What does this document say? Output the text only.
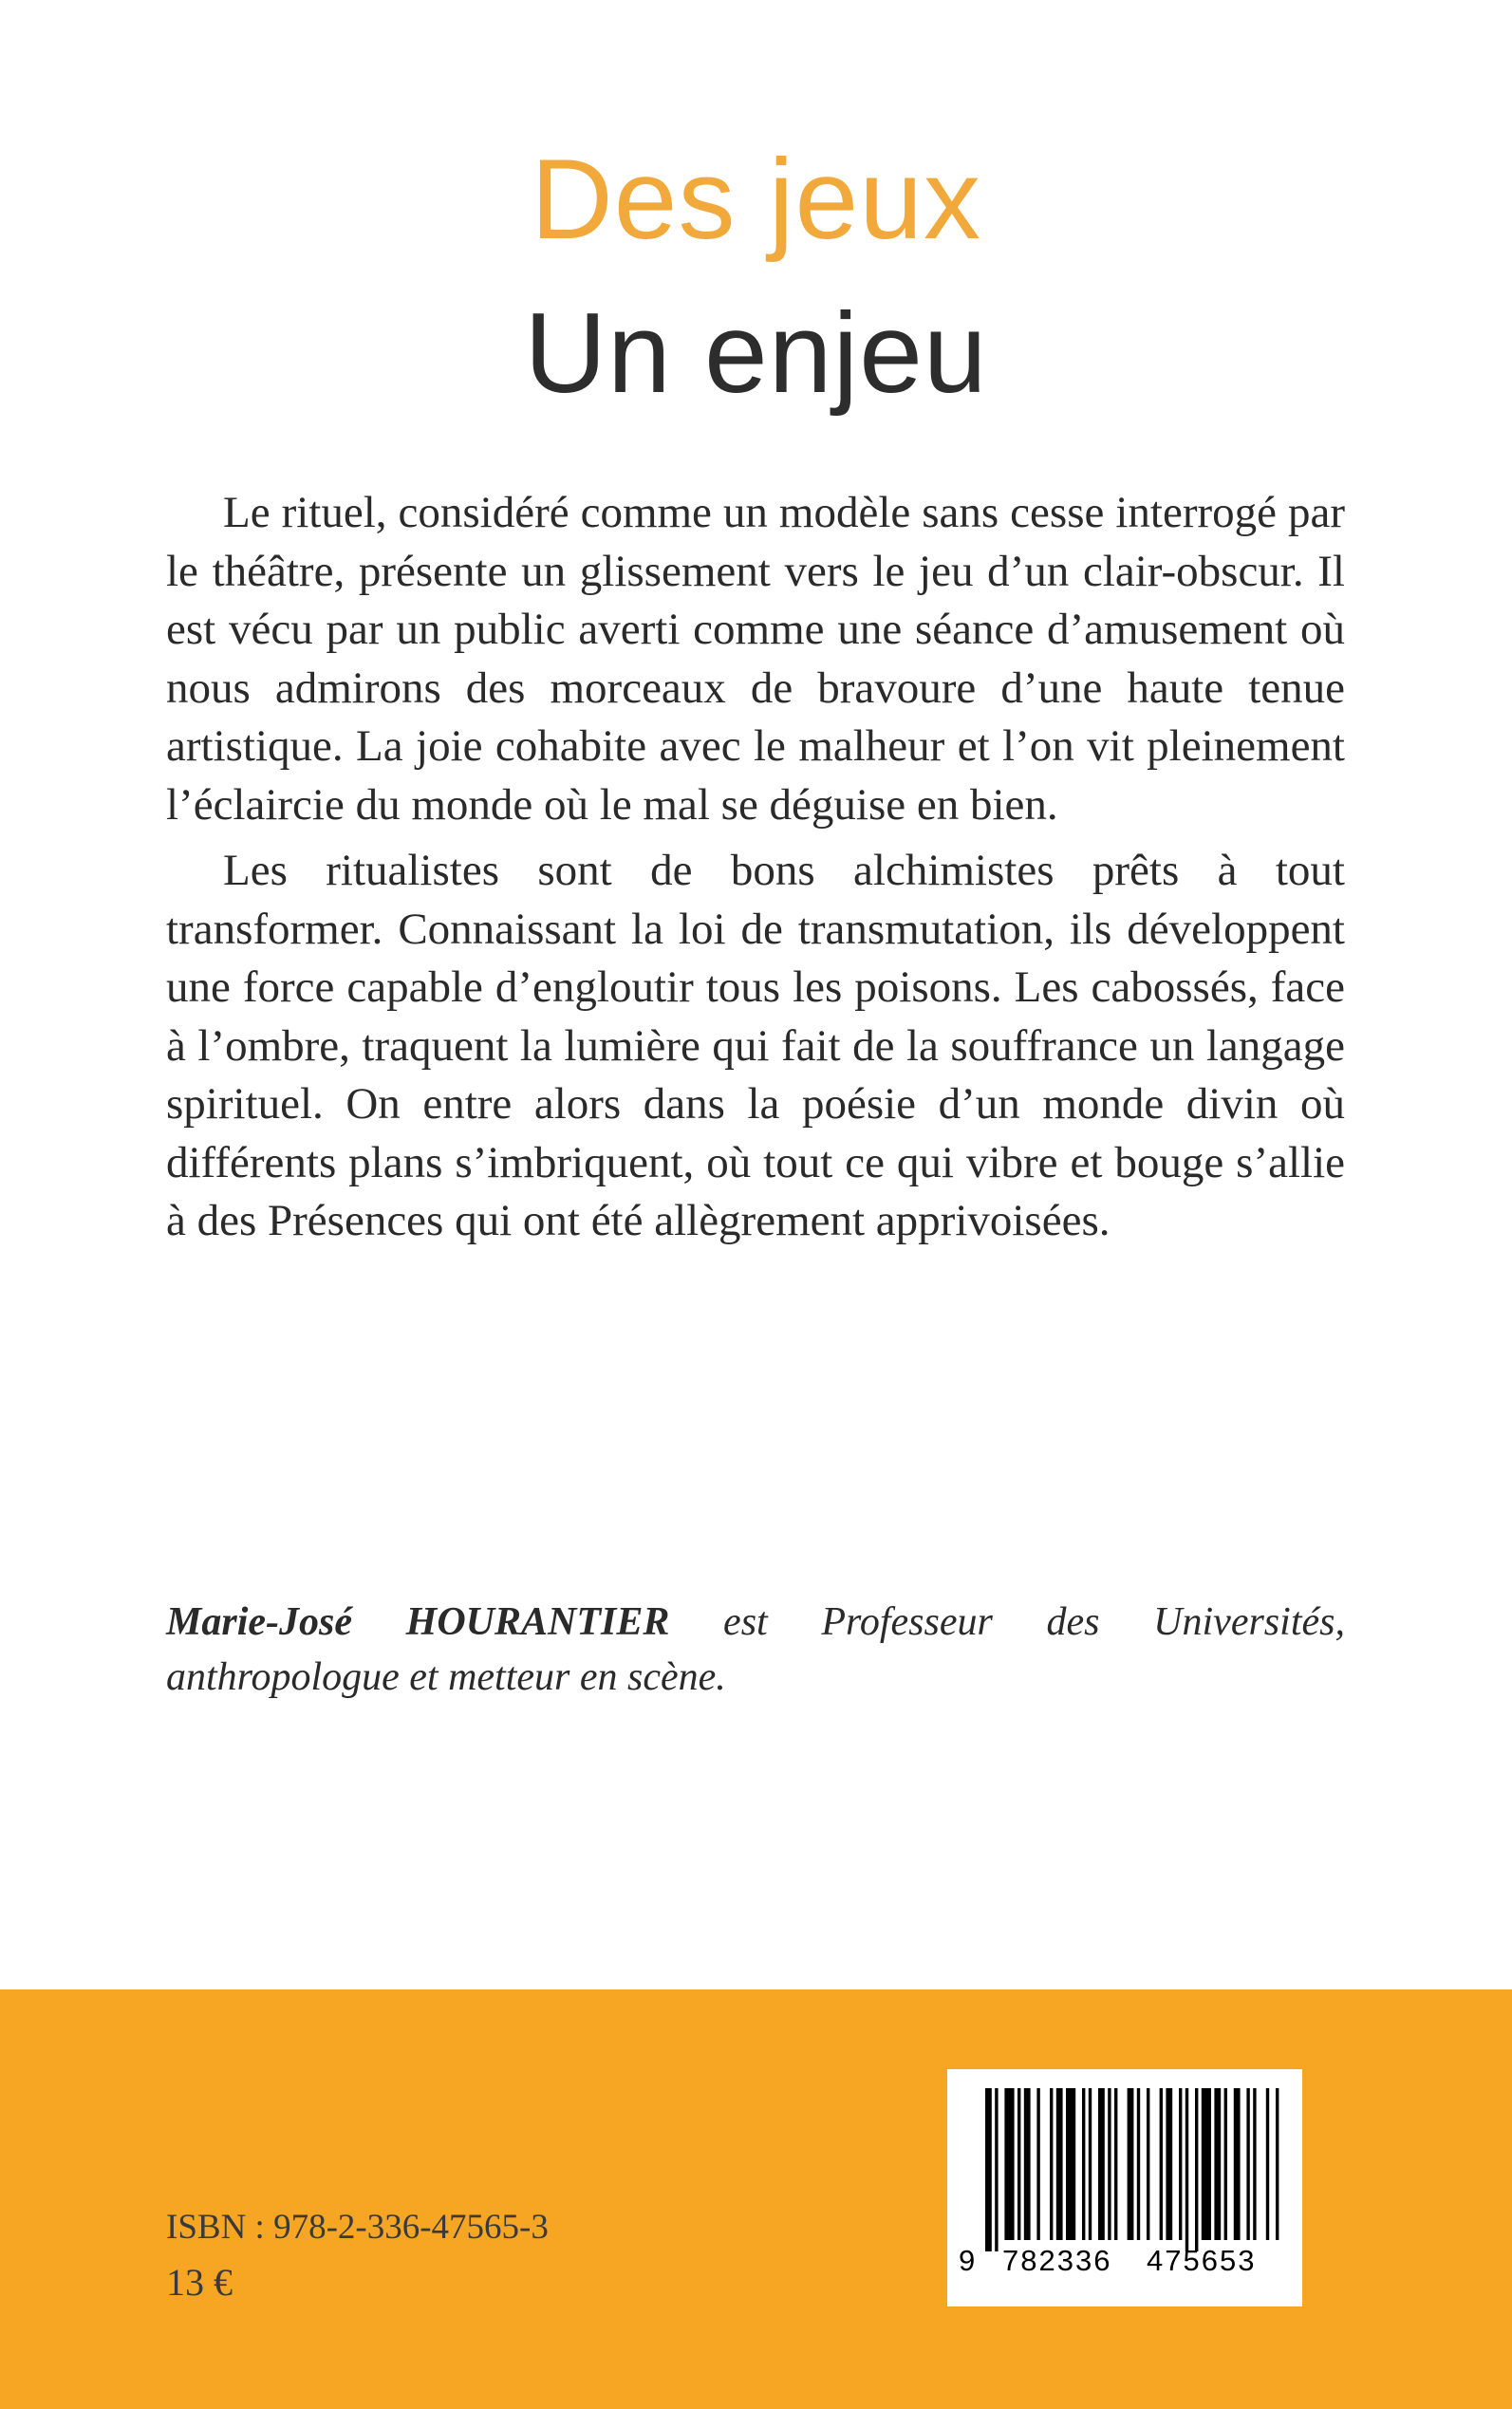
Des jeux
Un enjeu

Le rituel, considéré comme un modèle sans cesse interrogé par le théâtre, présente un glissement vers le jeu d’un clair-obscur. Il est vécu par un public averti comme une séance d’amusement où nous admirons des morceaux de bravoure d’une haute tenue artistique. La joie cohabite avec le malheur et l’on vit pleinement l’éclaircie du monde où le mal se déguise en bien.

Les ritualistes sont de bons alchimistes prêts à tout transformer. Connaissant la loi de transmutation, ils développent une force capable d’engloutir tous les poisons. Les cabossés, face à l’ombre, traquent la lumière qui fait de la souffrance un langage spirituel. On entre alors dans la poésie d’un monde divin où différents plans s’imbriquent, où tout ce qui vibre et bouge s’allie à des Présences qui ont été allègrement apprivoisées.

Marie-José HOURANTIER est Professeur des Universités, anthropologue et metteur en scène.
ISBN : 978-2-336-47565-3
13 €
9 782336 475653
